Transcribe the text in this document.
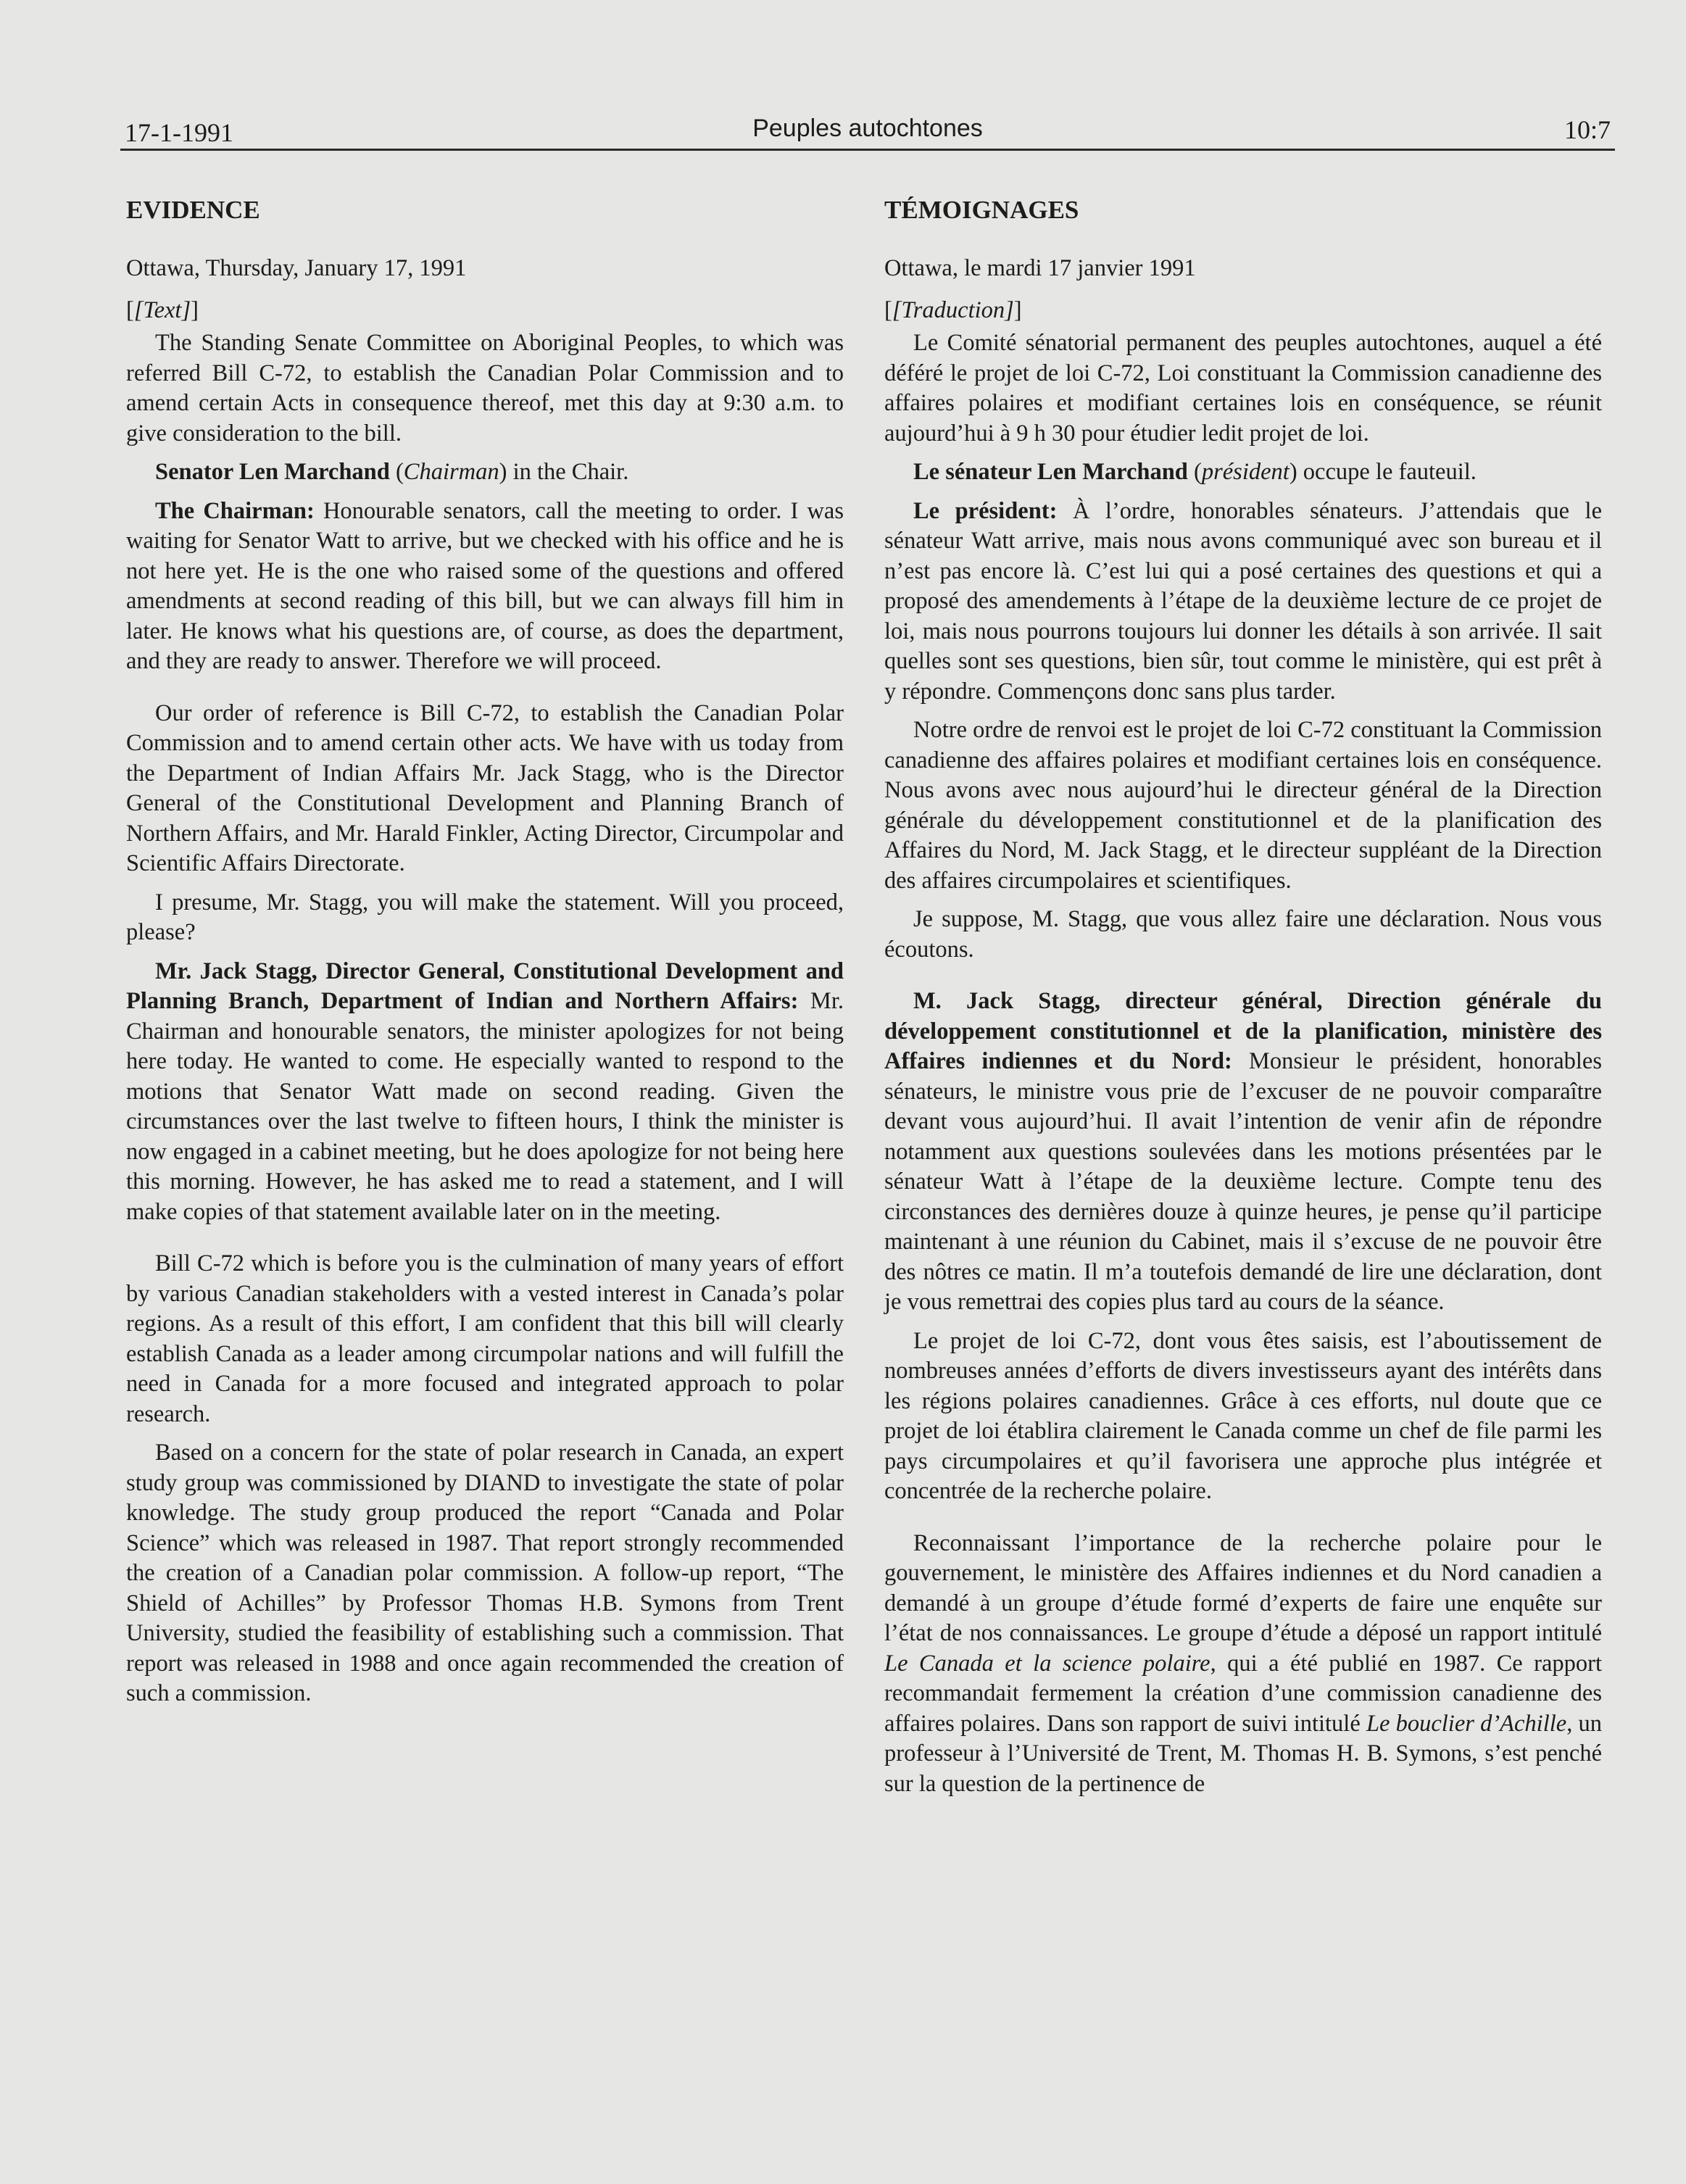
17-1-1991	Peuples autochtones	10:7
EVIDENCE

Ottawa, Thursday, January 17, 1991

[[Text]]

The Standing Senate Committee on Aboriginal Peoples, to which was referred Bill C-72, to establish the Canadian Polar Commission and to amend certain Acts in consequence thereof, met this day at 9:30 a.m. to give consideration to the bill.

Senator Len Marchand (Chairman) in the Chair.

The Chairman: Honourable senators, call the meeting to order. I was waiting for Senator Watt to arrive, but we checked with his office and he is not here yet. He is the one who raised some of the questions and offered amendments at second reading of this bill, but we can always fill him in later. He knows what his questions are, of course, as does the department, and they are ready to answer. Therefore we will proceed.

Our order of reference is Bill C-72, to establish the Canadian Polar Commission and to amend certain other acts. We have with us today from the Department of Indian Affairs Mr. Jack Stagg, who is the Director General of the Constitutional Development and Planning Branch of Northern Affairs, and Mr. Harald Finkler, Acting Director, Circumpolar and Scientific Affairs Directorate.

I presume, Mr. Stagg, you will make the statement. Will you proceed, please?

Mr. Jack Stagg, Director General, Constitutional Development and Planning Branch, Department of Indian and Northern Affairs: Mr. Chairman and honourable senators, the minister apologizes for not being here today. He wanted to come. He especially wanted to respond to the motions that Senator Watt made on second reading. Given the circumstances over the last twelve to fifteen hours, I think the minister is now engaged in a cabinet meeting, but he does apologize for not being here this morning. However, he has asked me to read a statement, and I will make copies of that statement available later on in the meeting.

Bill C-72 which is before you is the culmination of many years of effort by various Canadian stakeholders with a vested interest in Canada’s polar regions. As a result of this effort, I am confident that this bill will clearly establish Canada as a leader among circumpolar nations and will fulfill the need in Canada for a more focused and integrated approach to polar research.

Based on a concern for the state of polar research in Canada, an expert study group was commissioned by DIAND to investigate the state of polar knowledge. The study group produced the report “Canada and Polar Science” which was released in 1987. That report strongly recommended the creation of a Canadian polar commission. A follow-up report, “The Shield of Achilles” by Professor Thomas H.B. Symons from Trent University, studied the feasibility of establishing such a commission. That report was released in 1988 and once again recommended the creation of such a commission.

TÉMOIGNAGES

Ottawa, le mardi 17 janvier 1991

[[Traduction]]

Le Comité sénatorial permanent des peuples autochtones, auquel a été déféré le projet de loi C-72, Loi constituant la Commission canadienne des affaires polaires et modifiant certaines lois en conséquence, se réunit aujourd’hui à 9 h 30 pour étudier ledit projet de loi.

Le sénateur Len Marchand (président) occupe le fauteuil.

Le président: À l’ordre, honorables sénateurs. J’attendais que le sénateur Watt arrive, mais nous avons communiqué avec son bureau et il n’est pas encore là. C’est lui qui a posé certaines des questions et qui a proposé des amendements à l’étape de la deuxième lecture de ce projet de loi, mais nous pourrons toujours lui donner les détails à son arrivée. Il sait quelles sont ses questions, bien sûr, tout comme le ministère, qui est prêt à y répondre. Commençons donc sans plus tarder.

Notre ordre de renvoi est le projet de loi C-72 constituant la Commission canadienne des affaires polaires et modifiant certaines lois en conséquence. Nous avons avec nous aujourd’hui le directeur général de la Direction générale du développement constitutionnel et de la planification des Affaires du Nord, M. Jack Stagg, et le directeur suppléant de la Direction des affaires circumpolaires et scientifiques.

Je suppose, M. Stagg, que vous allez faire une déclaration. Nous vous écoutons.

M. Jack Stagg, directeur général, Direction générale du développement constitutionnel et de la planification, ministère des Affaires indiennes et du Nord: Monsieur le président, honorables sénateurs, le ministre vous prie de l’excuser de ne pouvoir comparaître devant vous aujourd’hui. Il avait l’intention de venir afin de répondre notamment aux questions soulevées dans les motions présentées par le sénateur Watt à l’étape de la deuxième lecture. Compte tenu des circonstances des dernières douze à quinze heures, je pense qu’il participe maintenant à une réunion du Cabinet, mais il s’excuse de ne pouvoir être des nôtres ce matin. Il m’a toutefois demandé de lire une déclaration, dont je vous remettrai des copies plus tard au cours de la séance.

Le projet de loi C-72, dont vous êtes saisis, est l’aboutissement de nombreuses années d’efforts de divers investisseurs ayant des intérêts dans les régions polaires canadiennes. Grâce à ces efforts, nul doute que ce projet de loi établira clairement le Canada comme un chef de file parmi les pays circumpolaires et qu’il favorisera une approche plus intégrée et concentrée de la recherche polaire.

Reconnaissant l’importance de la recherche polaire pour le gouvernement, le ministère des Affaires indiennes et du Nord canadien a demandé à un groupe d’étude formé d’experts de faire une enquête sur l’état de nos connaissances. Le groupe d’étude a déposé un rapport intitulé Le Canada et la science polaire, qui a été publié en 1987. Ce rapport recommandait fermement la création d’une commission canadienne des affaires polaires. Dans son rapport de suivi intitulé Le bouclier d’Achille, un professeur à l’Université de Trent, M. Thomas H. B. Symons, s’est penché sur la question de la pertinence de
